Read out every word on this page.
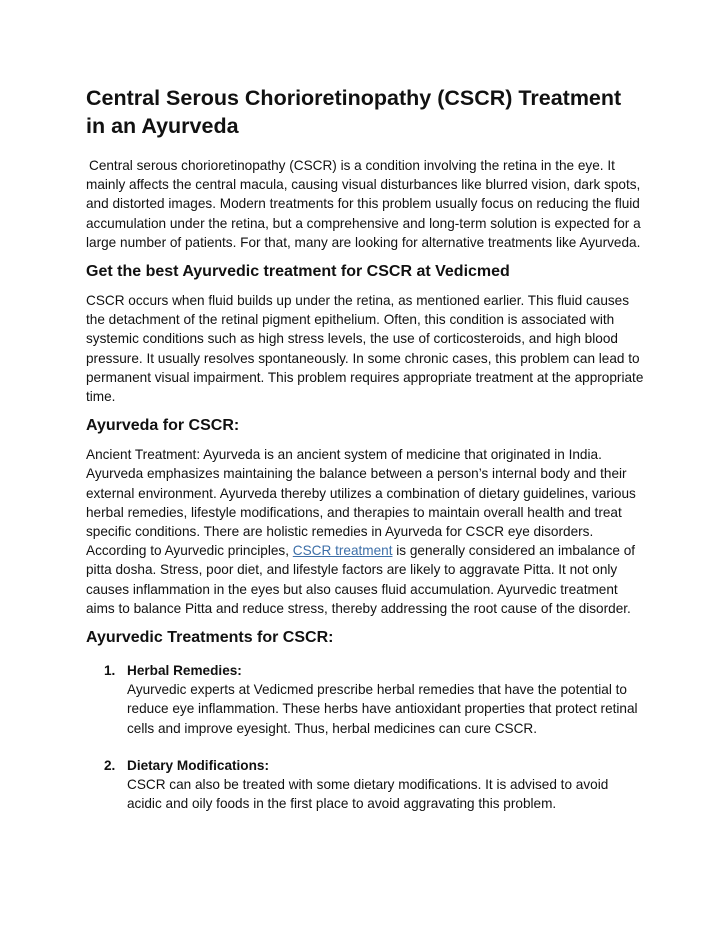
Central Serous Chorioretinopathy (CSCR) Treatment in an Ayurveda

Central serous chorioretinopathy (CSCR) is a condition involving the retina in the eye. It mainly affects the central macula, causing visual disturbances like blurred vision, dark spots, and distorted images. Modern treatments for this problem usually focus on reducing the fluid accumulation under the retina, but a comprehensive and long-term solution is expected for a large number of patients. For that, many are looking for alternative treatments like Ayurveda.

Get the best Ayurvedic treatment for CSCR at Vedicmed

CSCR occurs when fluid builds up under the retina, as mentioned earlier. This fluid causes the detachment of the retinal pigment epithelium. Often, this condition is associated with systemic conditions such as high stress levels, the use of corticosteroids, and high blood pressure. It usually resolves spontaneously. In some chronic cases, this problem can lead to permanent visual impairment. This problem requires appropriate treatment at the appropriate time.

Ayurveda for CSCR:

Ancient Treatment: Ayurveda is an ancient system of medicine that originated in India. Ayurveda emphasizes maintaining the balance between a person’s internal body and their external environment. Ayurveda thereby utilizes a combination of dietary guidelines, various herbal remedies, lifestyle modifications, and therapies to maintain overall health and treat specific conditions. There are holistic remedies in Ayurveda for CSCR eye disorders. According to Ayurvedic principles, CSCR treatment is generally considered an imbalance of pitta dosha. Stress, poor diet, and lifestyle factors are likely to aggravate Pitta. It not only causes inflammation in the eyes but also causes fluid accumulation. Ayurvedic treatment aims to balance Pitta and reduce stress, thereby addressing the root cause of the disorder.

Ayurvedic Treatments for CSCR:
1. Herbal Remedies:
Ayurvedic experts at Vedicmed prescribe herbal remedies that have the potential to reduce eye inflammation. These herbs have antioxidant properties that protect retinal cells and improve eyesight. Thus, herbal medicines can cure CSCR.
2. Dietary Modifications:
CSCR can also be treated with some dietary modifications. It is advised to avoid acidic and oily foods in the first place to avoid aggravating this problem.
